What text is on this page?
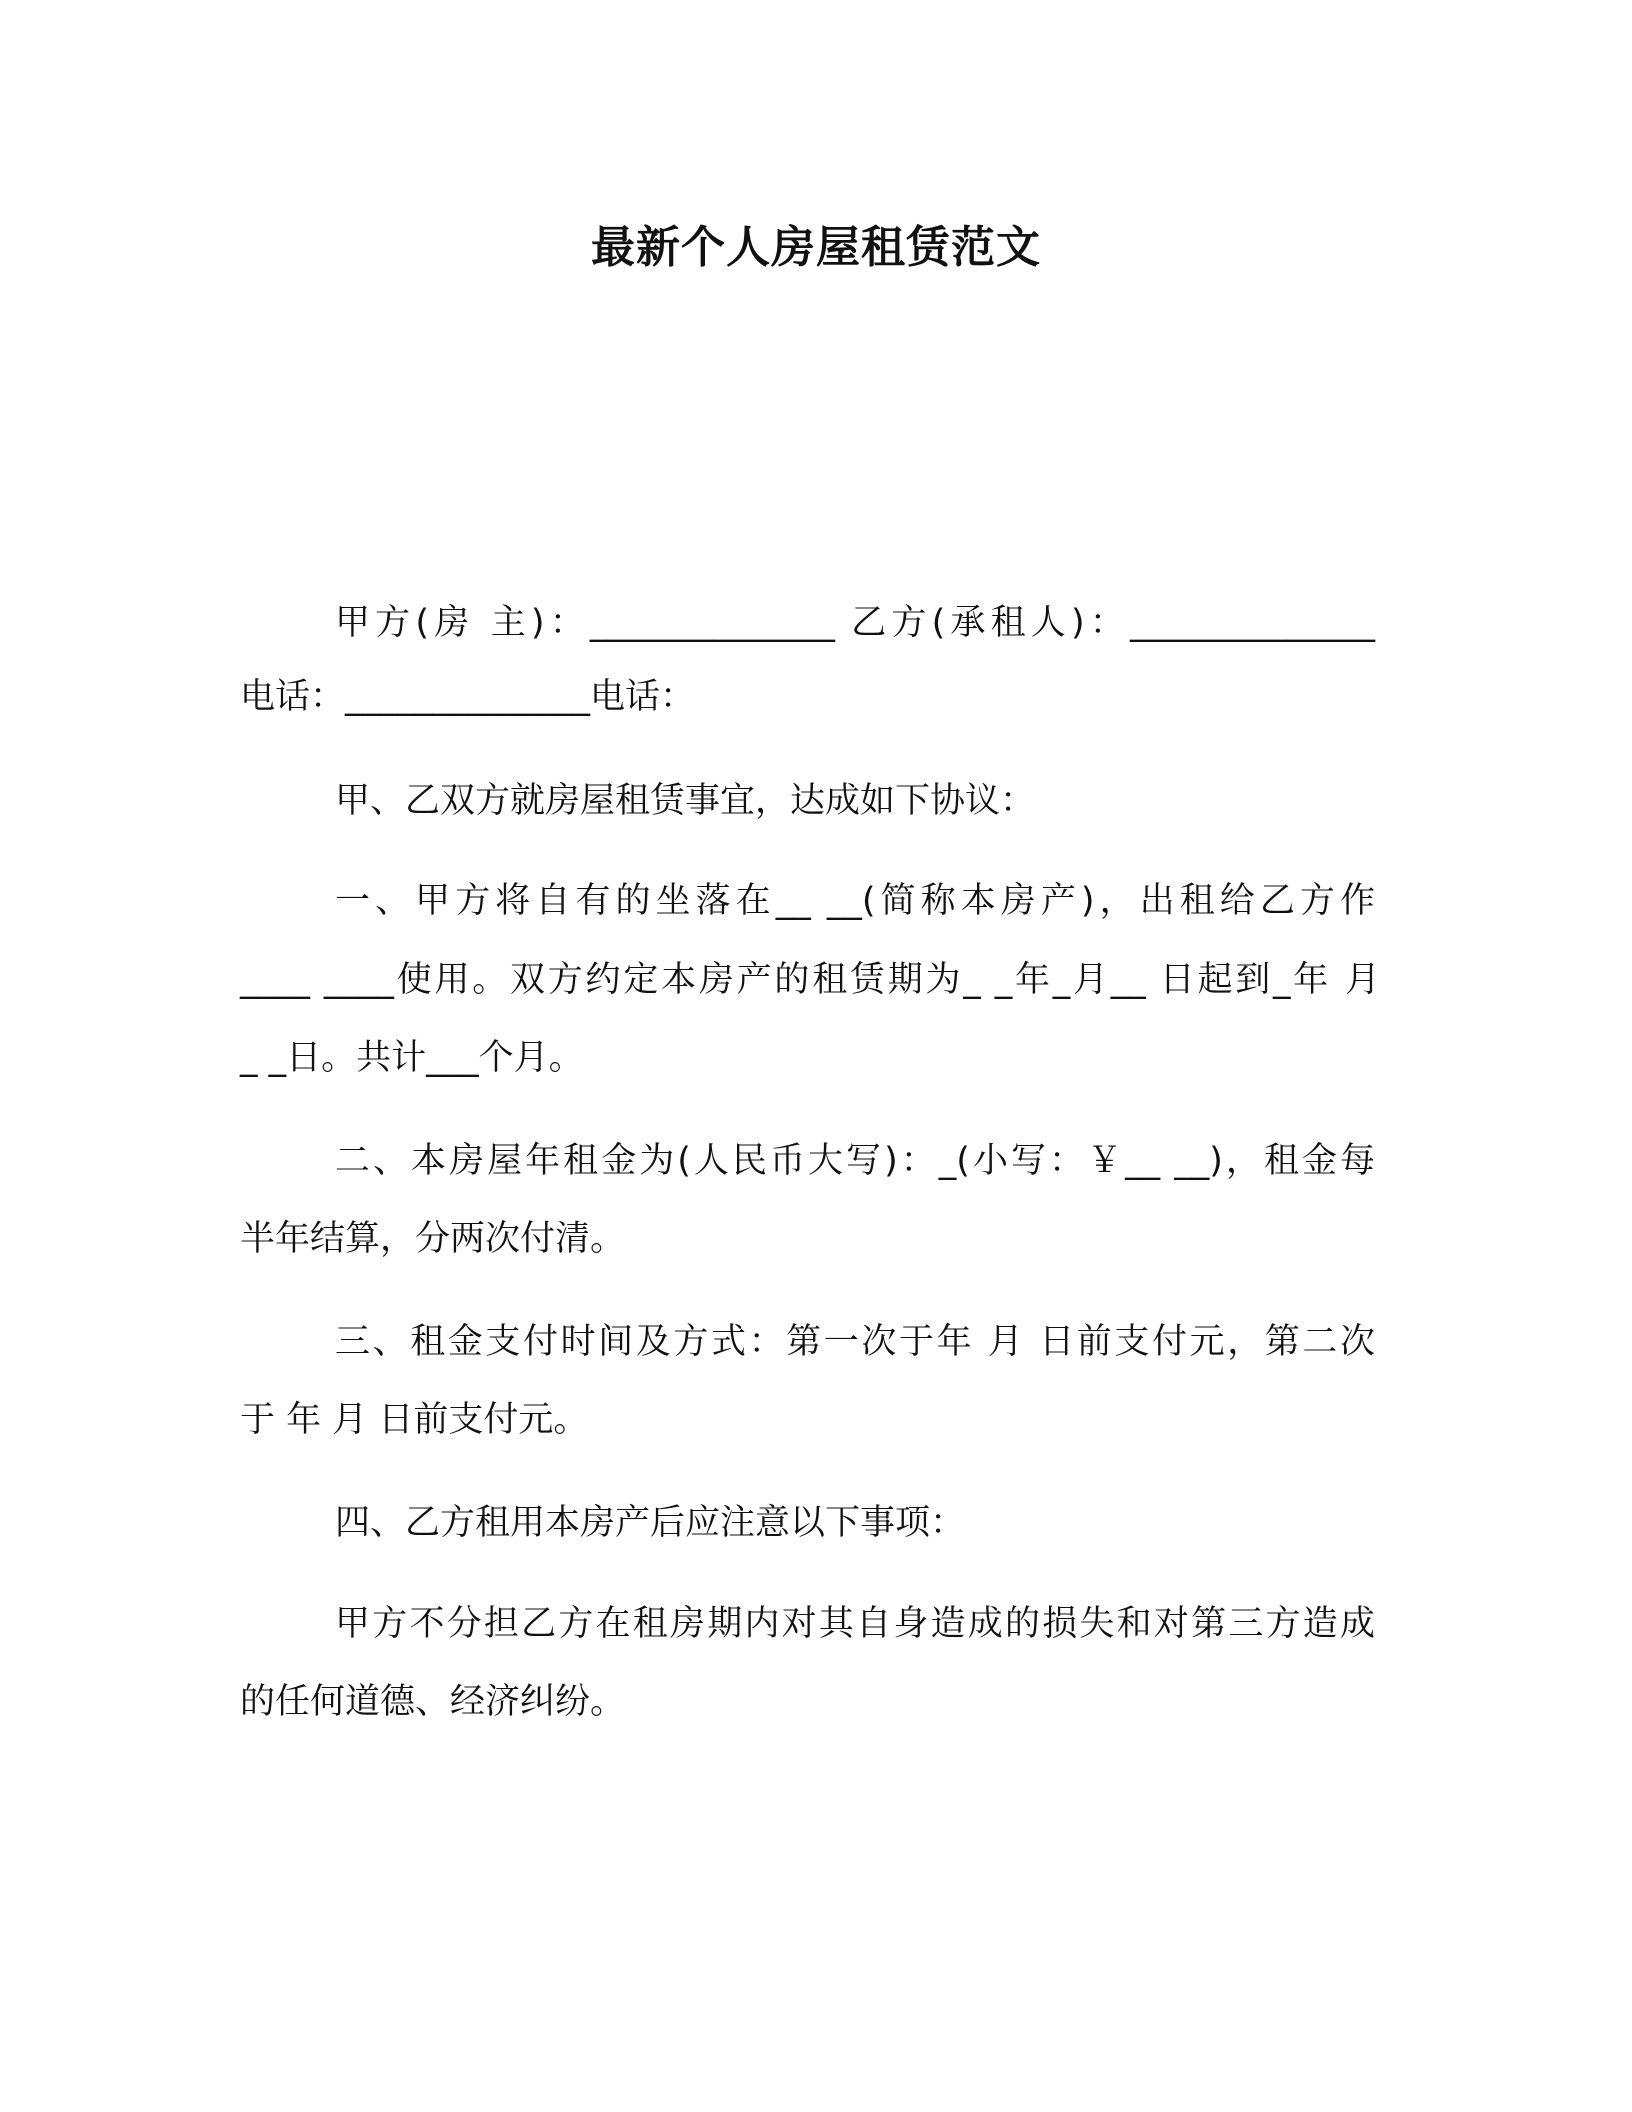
最新个人房屋租赁范文
甲方(房 主)：______________ 乙方(承租人)：______________
电话：______________电话：
甲、乙双方就房屋租赁事宜，达成如下协议：
一、甲方将自有的坐落在__ __(简称本房产)，出租给乙方作
____ ____使用。双方约定本房产的租赁期为_ _年_月__ 日起到_年 月
_ _日。共计___个月。
二、本房屋年租金为(人民币大写)：_(小写：￥__ __)，租金每
半年结算，分两次付清。
三、租金支付时间及方式：第一次于年 月 日前支付元，第二次
于 年 月 日前支付元。
四、乙方租用本房产后应注意以下事项：
甲方不分担乙方在租房期内对其自身造成的损失和对第三方造成
的任何道德、经济纠纷。
